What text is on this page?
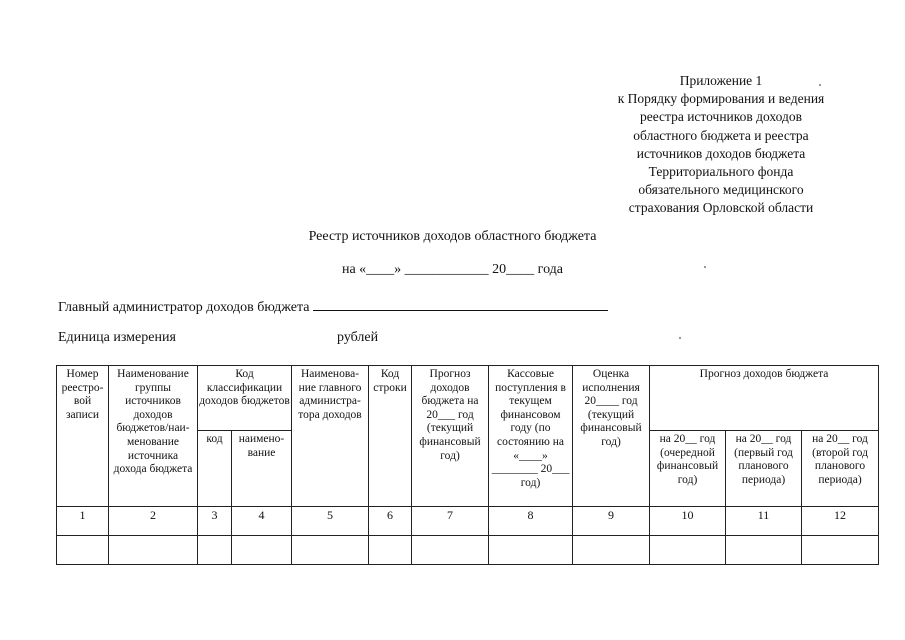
Приложение 1
к Порядку формирования и ведения
реестра источников доходов
областного бюджета и реестра
источников доходов бюджета
Территориального фонда
обязательного медицинского
страхования Орловской области
Реестр источников доходов областного бюджета
на «____» ____________ 20____ года
Главный администратор доходов бюджета
Единица измерения	рублей
Номер реестро-вой записи	Наименование группы источников доходов бюджетов/наи-менование источника дохода бюджета	Код классификации доходов бюджетов		Наименова-ние главного администра-тора доходов	Код строки	Прогноз доходов бюджета на 20___ год (текущий финансовый год)	Кассовые поступления в текущем финансовом году (по состоянию на «____» ________ 20___ год)	Оценка исполнения 20____ год (текущий финансовый год)	Прогноз доходов бюджета		
		код	наимено-вание						на 20__ год (очередной финансовый год)	на 20__ год (первый год планового периода)	на 20__ год (второй год планового периода)
1	2	3	4	5	6	7	8	9	10	11	12
